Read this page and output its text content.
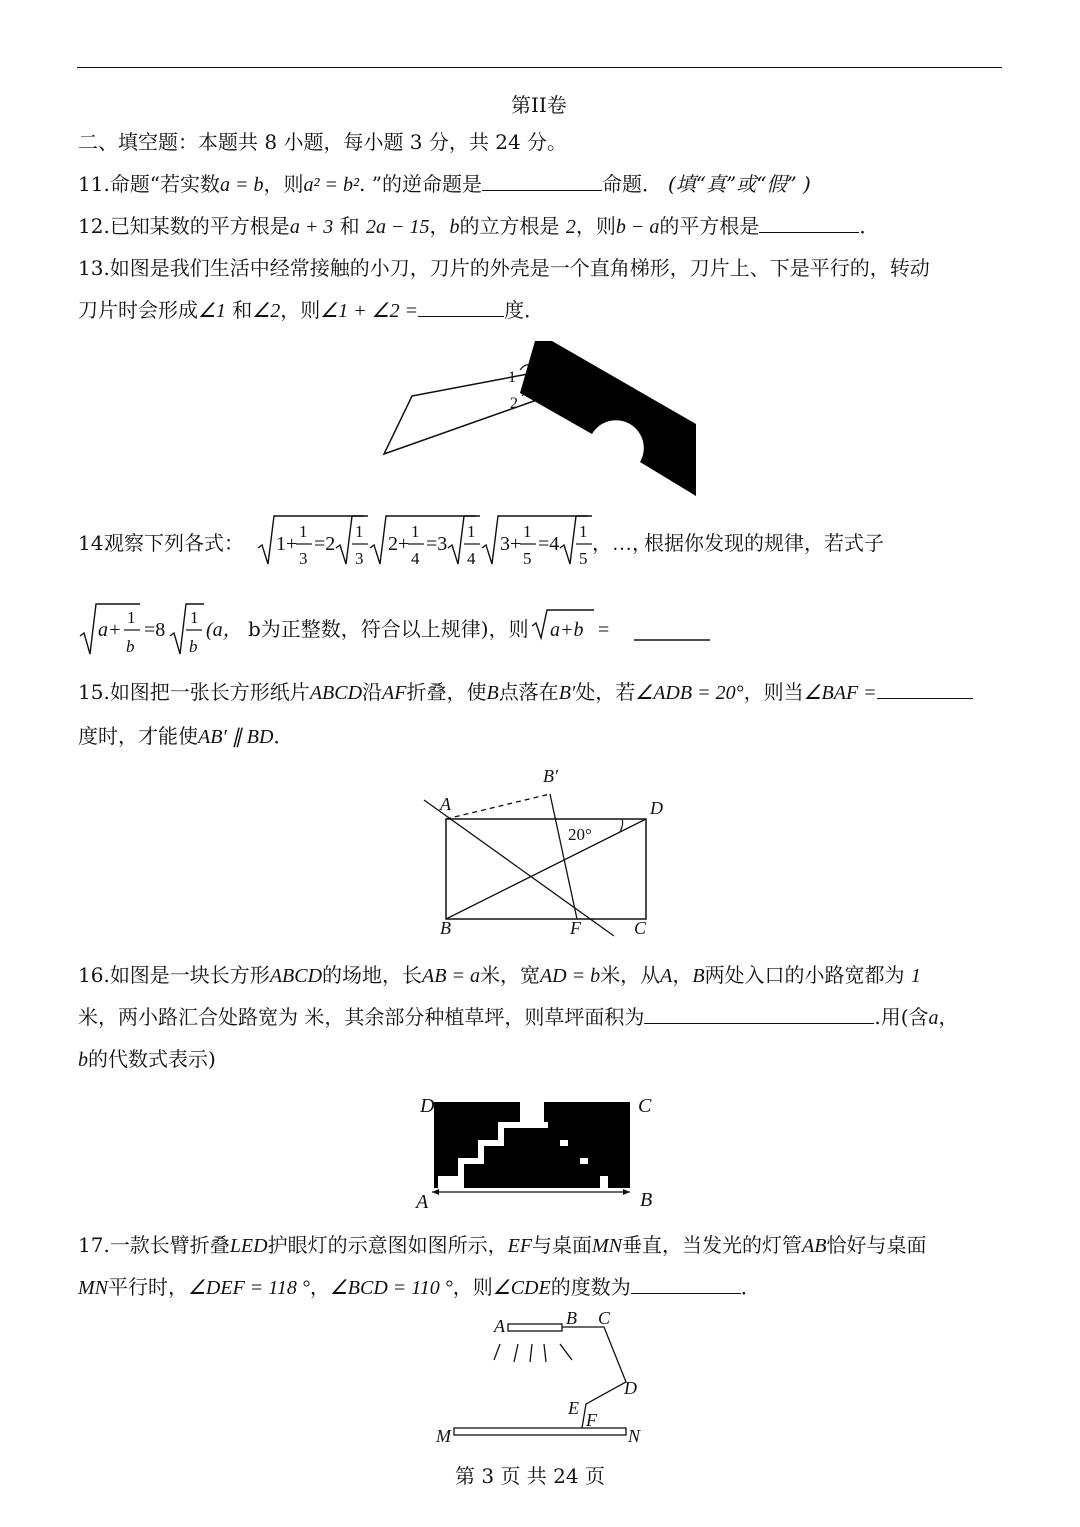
第II卷
二、填空题：本题共 8 小题，每小题 3 分，共 24 分。
11.命题“若实数a = b，则a² = b². ”的逆命题是	命题． (填“真”或“假” )
12.已知某数的平方根是a + 3 和 2a − 15，b的立方根是 2，则b − a的平方根是	．
13.如图是我们生活中经常接触的小刀，刀片的外壳是一个直角梯形，刀片上、下是平行的，转动
刀片时会形成∠1 和∠2，则∠1 + ∠2 =	度．
1
2
14.
观察下列各式： 1+
1
3
=2
1
3
2+
1
4
=3
1
4
3+
1
5
=4
1
5
，…，
根据你发现的规律，若式子
a+
1
b
=8
1
b
(a， b为正整数，符合以上规律)，则 a+b =
15.如图把一张长方形纸片ABCD沿AF折叠，使B点落在B′处，若∠ADB = 20°，则当∠BAF =
度时，才能使AB′ ∥ BD．
A	D
B	F	C
B′
20°
16.如图是一块长方形ABCD的场地，长AB = a米，宽AD = b米，从A，B两处入口的小路宽都为 1
米，两小路汇合处路宽为 米，其余部分种植草坪，则草坪面积为	.用(含a，
b的代数式表示)
D	C
A	B
17.一款长臂折叠LED护眼灯的示意图如图所示，EF与桌面MN垂直，当发光的灯管AB恰好与桌面
MN平行时，∠DEF = 118 °，∠BCD = 110 °，则∠CDE的度数为	．
A	B C
D
E
F
M	N
第 3 页 共 24 页
